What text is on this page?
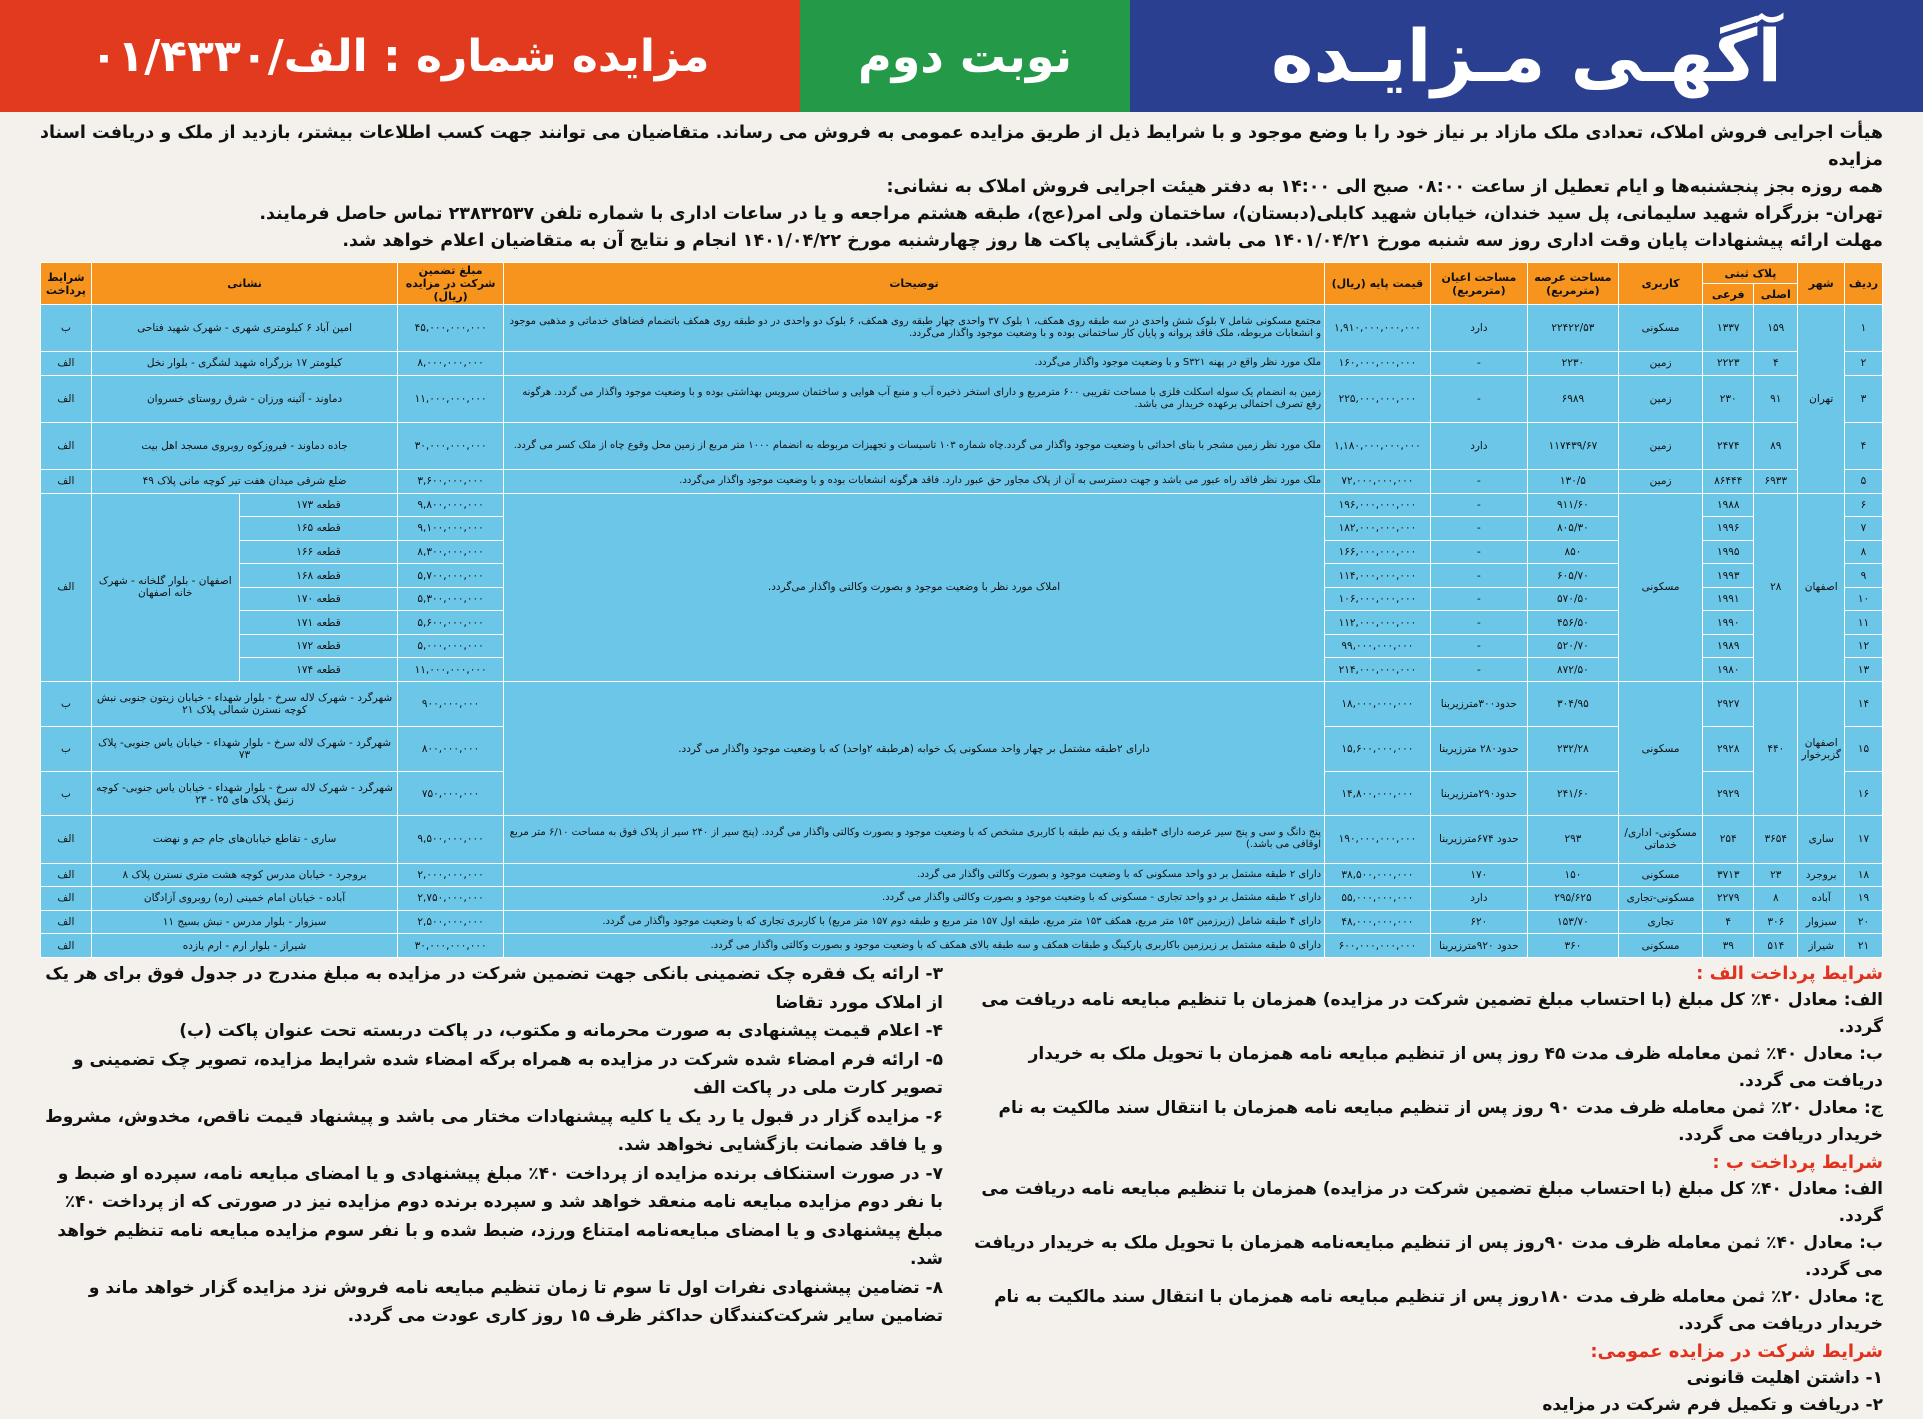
مزایده شماره : الف/۰۱/۴۳۳۰	نوبت دوم	آگهـی مـزایـده

هیأت اجرایی فروش املاک، تعدادی ملک مازاد بر نیاز خود را با وضع موجود و با شرایط ذیل از طریق مزایده عمومی به فروش می رساند. متقاضیان می توانند جهت کسب اطلاعات بیشتر، بازدید از ملک و دریافت اسناد مزایده

همه روزه بجز پنجشنبه‌ها و ایام تعطیل از ساعت ۰۸:۰۰ صبح الی ۱۴:۰۰ به دفتر هیئت اجرایی فروش املاک به نشانی:

تهران- بزرگراه شهید سلیمانی، پل سید خندان، خیابان شهید کابلی(دبستان)، ساختمان ولی امر(عج)، طبقه هشتم مراجعه و یا در ساعات اداری با شماره تلفن ۲۳۸۳۲۵۳۷ تماس حاصل فرمایند.

مهلت ارائه پیشنهادات پایان وقت اداری روز سه شنبه مورخ ۱۴۰۱/۰۴/۲۱ می باشد. بازگشایی پاکت ها روز چهارشنبه مورخ ۱۴۰۱/۰۴/۲۲ انجام و نتایج آن به متقاضیان اعلام خواهد شد.

ردیف	شهر	پلاک ثبتی		کاربری	مساحت عرصه (مترمربع)	مساحت اعیان (مترمربع)	قیمت پایه (ریال)	توضیحات	مبلغ تضمین شرکت در مزایده (ریال)	نشانی		شرایط پرداخت
		اصلی	فرعی									
۱	تهران	۱۵۹	۱۳۳۷	مسکونی	۲۲۴۲۲/۵۳	دارد	۱,۹۱۰,۰۰۰,۰۰۰,۰۰۰	مجتمع مسکونی شامل ۷ بلوک شش واحدی در سه طبقه روی همکف، ۱ بلوک ۳۷ واحدی چهار طبقه روی همکف، ۶ بلوک دو واحدی در دو طبقه روی همکف باتضمام فضاهای خدماتی و مذهبی موجود و انشعابات مربوطه، ملک فاقد پروانه و پایان کار ساختمانی بوده و با وضعیت موجود واگذار می‌گردد.	۴۵,۰۰۰,۰۰۰,۰۰۰	امین آباد ۶ کیلومتری شهری - شهرک شهید فتاحی		ب
۲		۴	۲۲۲۳	زمین	۲۲۳۰	-	۱۶۰,۰۰۰,۰۰۰,۰۰۰	ملک مورد نظر واقع در پهنه S۳۲۱ و با وضعیت موجود واگذار می‌گردد.	۸,۰۰۰,۰۰۰,۰۰۰	کیلومتر ۱۷ بزرگراه شهید لشگری - بلوار نخل		الف
۳		۹۱	۲۳۰	زمین	۶۹۸۹	-	۲۲۵,۰۰۰,۰۰۰,۰۰۰	زمین به انضمام یک سوله اسکلت فلزی با مساحت تقریبی ۶۰۰ مترمربع و دارای استخر ذخیره آب و منبع آب هوایی و ساختمان سرویس بهداشتی بوده و با وضعیت موجود واگذار می گردد. هرگونه رفع تصرف احتمالی برعهده خریدار می باشد.	۱۱,۰۰۰,۰۰۰,۰۰۰	دماوند - آئینه ورزان - شرق روستای خسروان		الف
۴		۸۹	۲۴۷۴	زمین	۱۱۷۴۳۹/۶۷	دارد	۱,۱۸۰,۰۰۰,۰۰۰,۰۰۰	ملک مورد نظر زمین مشجر با بنای احداثی با وضعیت موجود واگذار می گردد.چاه شماره ۱۰۳ تاسیسات و تجهیزات مربوطه به انضمام ۱۰۰۰ متر مربع از زمین محل وقوع چاه از ملک کسر می گردد.	۳۰,۰۰۰,۰۰۰,۰۰۰	جاده دماوند - فیروزکوه روبروی مسجد اهل بیت		الف
۵		۶۹۳۳	۸۶۴۴۴	زمین	۱۳۰/۵	-	۷۲,۰۰۰,۰۰۰,۰۰۰	ملک مورد نظر فاقد راه عبور می باشد و جهت دسترسی به آن از پلاک مجاور حق عبور دارد. فاقد هرگونه انشعابات بوده و با وضعیت موجود واگذار می‌گردد.	۳,۶۰۰,۰۰۰,۰۰۰	ضلع شرقی میدان هفت تیر کوچه مانی پلاک ۴۹		الف
۶	اصفهان	۲۸	۱۹۸۸	مسکونی	۹۱۱/۶۰	-	۱۹۶,۰۰۰,۰۰۰,۰۰۰	املاک مورد نظر با وضعیت موجود و بصورت وکالتی واگذار می‌گردد.	۹,۸۰۰,۰۰۰,۰۰۰	قطعه ۱۷۳	اصفهان - بلوار گلخانه - شهرک خانه اصفهان	الف
۷			۱۹۹۶		۸۰۵/۳۰	-	۱۸۲,۰۰۰,۰۰۰,۰۰۰		۹,۱۰۰,۰۰۰,۰۰۰	قطعه ۱۶۵		
۸			۱۹۹۵		۸۵۰	-	۱۶۶,۰۰۰,۰۰۰,۰۰۰		۸,۳۰۰,۰۰۰,۰۰۰	قطعه ۱۶۶		
۹			۱۹۹۳		۶۰۵/۷۰	-	۱۱۴,۰۰۰,۰۰۰,۰۰۰		۵,۷۰۰,۰۰۰,۰۰۰	قطعه ۱۶۸		
۱۰			۱۹۹۱		۵۷۰/۵۰	-	۱۰۶,۰۰۰,۰۰۰,۰۰۰		۵,۳۰۰,۰۰۰,۰۰۰	قطعه ۱۷۰		
۱۱			۱۹۹۰		۴۵۶/۵۰	-	۱۱۲,۰۰۰,۰۰۰,۰۰۰		۵,۶۰۰,۰۰۰,۰۰۰	قطعه ۱۷۱		
۱۲			۱۹۸۹		۵۲۰/۷۰	-	۹۹,۰۰۰,۰۰۰,۰۰۰		۵,۰۰۰,۰۰۰,۰۰۰	قطعه ۱۷۲		
۱۳			۱۹۸۰		۸۷۲/۵۰	-	۲۱۴,۰۰۰,۰۰۰,۰۰۰		۱۱,۰۰۰,۰۰۰,۰۰۰	قطعه ۱۷۴		
۱۴	اصفهان گزبرخوار	۴۴۰	۲۹۲۷	مسکونی	۳۰۴/۹۵	حدود۳۰۰مترزیربنا	۱۸,۰۰۰,۰۰۰,۰۰۰	دارای ۲طبقه مشتمل بر چهار واحد مسکونی یک خوابه (هرطبقه ۲واحد) که با وضعیت موجود واگذار می گردد.	۹۰۰,۰۰۰,۰۰۰	شهرگرد - شهرک لاله سرخ - بلوار شهداء - خیابان زیتون جنوبی نبش کوچه نسترن شمالی پلاک ۲۱		ب
۱۵			۲۹۲۸		۲۳۲/۲۸	حدود۲۸۰ مترزیربنا	۱۵,۶۰۰,۰۰۰,۰۰۰		۸۰۰,۰۰۰,۰۰۰	شهرگرد - شهرک لاله سرخ - بلوار شهداء - خیابان یاس جنوبی- پلاک ۷۳		ب
۱۶			۲۹۲۹		۲۴۱/۶۰	حدود۲۹۰مترزیربنا	۱۴,۸۰۰,۰۰۰,۰۰۰		۷۵۰,۰۰۰,۰۰۰	شهرگرد - شهرک لاله سرخ - بلوار شهداء - خیابان یاس جنوبی- کوچه زنبق پلاک های ۲۵ - ۲۳		ب
۱۷	ساری	۳۶۵۴	۲۵۴	مسکونی- اداری/ خدماتی	۲۹۳	حدود ۶۷۴مترزیربنا	۱۹۰,۰۰۰,۰۰۰,۰۰۰	پنج دانگ و سی و پنج سیر عرصه دارای ۴طبقه و یک نیم طبقه با کاربری مشخص که با وضعیت موجود و بصورت وکالتی واگذار می گردد. (پنج سیر از ۲۴۰ سیر از پلاک فوق به مساحت ۶/۱۰ متر مربع اوقافی می باشد.)	۹,۵۰۰,۰۰۰,۰۰۰	ساری - تقاطع خیابان‌های جام جم و نهضت		الف
۱۸	بروجرد	۲۳	۳۷۱۳	مسکونی	۱۵۰	۱۷۰	۳۸,۵۰۰,۰۰۰,۰۰۰	دارای ۲ طبقه مشتمل بر دو واحد مسکونی که با وضعیت موجود و بصورت وکالتی واگذار می گردد.	۲,۰۰۰,۰۰۰,۰۰۰	بروجرد - خیابان مدرس کوچه هشت متری نسترن پلاک ۸		الف
۱۹	آباده	۸	۲۲۷۹	مسکونی-تجاری	۲۹۵/۶۲۵	دارد	۵۵,۰۰۰,۰۰۰,۰۰۰	دارای ۲ طبقه مشتمل بر دو واحد تجاری - مسکونی که با وضعیت موجود و بصورت وکالتی واگذار می گردد.	۲,۷۵۰,۰۰۰,۰۰۰	آباده - خیابان امام خمینی (ره) روبروی آزادگان		الف
۲۰	سبزوار	۳۰۶	۴	تجاری	۱۵۳/۷۰	۶۲۰	۴۸,۰۰۰,۰۰۰,۰۰۰	دارای ۴ طبقه شامل (زیرزمین ۱۵۳ متر مربع، همکف ۱۵۳ متر مربع، طبقه اول ۱۵۷ متر مربع و طبقه دوم ۱۵۷ متر مربع) با کاربری تجاری که با وضعیت موجود واگذار می گردد.	۲,۵۰۰,۰۰۰,۰۰۰	سبزوار - بلوار مدرس - نبش بسیج ۱۱		الف
۲۱	شیراز	۵۱۴	۳۹	مسکونی	۳۶۰	حدود ۹۲۰مترزیربنا	۶۰۰,۰۰۰,۰۰۰,۰۰۰	دارای ۵ طبقه مشتمل بر زیرزمین باکاربری پارکینگ و طبقات همکف و سه طبقه بالای همکف که با وضعیت موجود و بصورت وکالتی واگذار می گردد.	۳۰,۰۰۰,۰۰۰,۰۰۰	شیراز - بلوار ارم - ارم یازده		الف

شرایط پرداخت الف :

الف: معادل ۴۰٪ کل مبلغ (با احتساب مبلغ تضمین شرکت در مزایده) همزمان با تنظیم مبایعه نامه دریافت می گردد.

ب: معادل ۴۰٪ ثمن معامله ظرف مدت ۴۵ روز پس از تنظیم مبایعه نامه همزمان با تحویل ملک به خریدار دریافت می گردد.

ج: معادل ۲۰٪ ثمن معامله ظرف مدت ۹۰ روز پس از تنظیم مبایعه نامه همزمان با انتقال سند مالکیت به نام خریدار دریافت می گردد.

شرایط پرداخت ب :

الف: معادل ۴۰٪ کل مبلغ (با احتساب مبلغ تضمین شرکت در مزایده) همزمان با تنظیم مبایعه نامه دریافت می گردد.

ب: معادل ۴۰٪ ثمن معامله ظرف مدت ۹۰روز پس از تنظیم مبایعه‌نامه همزمان با تحویل ملک به خریدار دریافت می گردد.

ج: معادل ۲۰٪ ثمن معامله ظرف مدت ۱۸۰روز پس از تنظیم مبایعه نامه همزمان با انتقال سند مالکیت به نام خریدار دریافت می گردد.

شرایط شرکت در مزایده عمومی:

۱- داشتن اهلیت قانونی

۲- دریافت و تکمیل فرم شرکت در مزایده

۳- ارائه یک فقره چک تضمینی بانکی جهت تضمین شرکت در مزایده به مبلغ مندرج در جدول فوق برای هر یک از املاک مورد تقاضا

۴- اعلام قیمت پیشنهادی به صورت محرمانه و مکتوب، در پاکت دربسته تحت عنوان پاکت (ب)

۵- ارائه فرم امضاء شده شرکت در مزایده به همراه برگه امضاء شده شرایط مزایده، تصویر چک تضمینی و تصویر کارت ملی در پاکت الف

۶- مزایده گزار در قبول یا رد یک یا کلیه پیشنهادات مختار می باشد و پیشنهاد قیمت ناقص، مخدوش، مشروط و یا فاقد ضمانت بازگشایی نخواهد شد.

۷- در صورت استنکاف برنده مزایده از پرداخت ۴۰٪ مبلغ پیشنهادی و یا امضای مبایعه نامه، سپرده او ضبط و با نفر دوم مزایده مبایعه نامه منعقد خواهد شد و سپرده برنده دوم مزایده نیز در صورتی که از پرداخت ۴۰٪ مبلغ پیشنهادی و یا امضای مبایعه‌نامه امتناع ورزد، ضبط شده و با نفر سوم مزایده مبایعه نامه تنظیم خواهد شد.

۸- تضامین پیشنهادی نفرات اول تا سوم تا زمان تنظیم مبایعه نامه فروش نزد مزایده گزار خواهد ماند و تضامین سایر شرکت‌کنندگان حداکثر ظرف ۱۵ روز کاری عودت می گردد.
